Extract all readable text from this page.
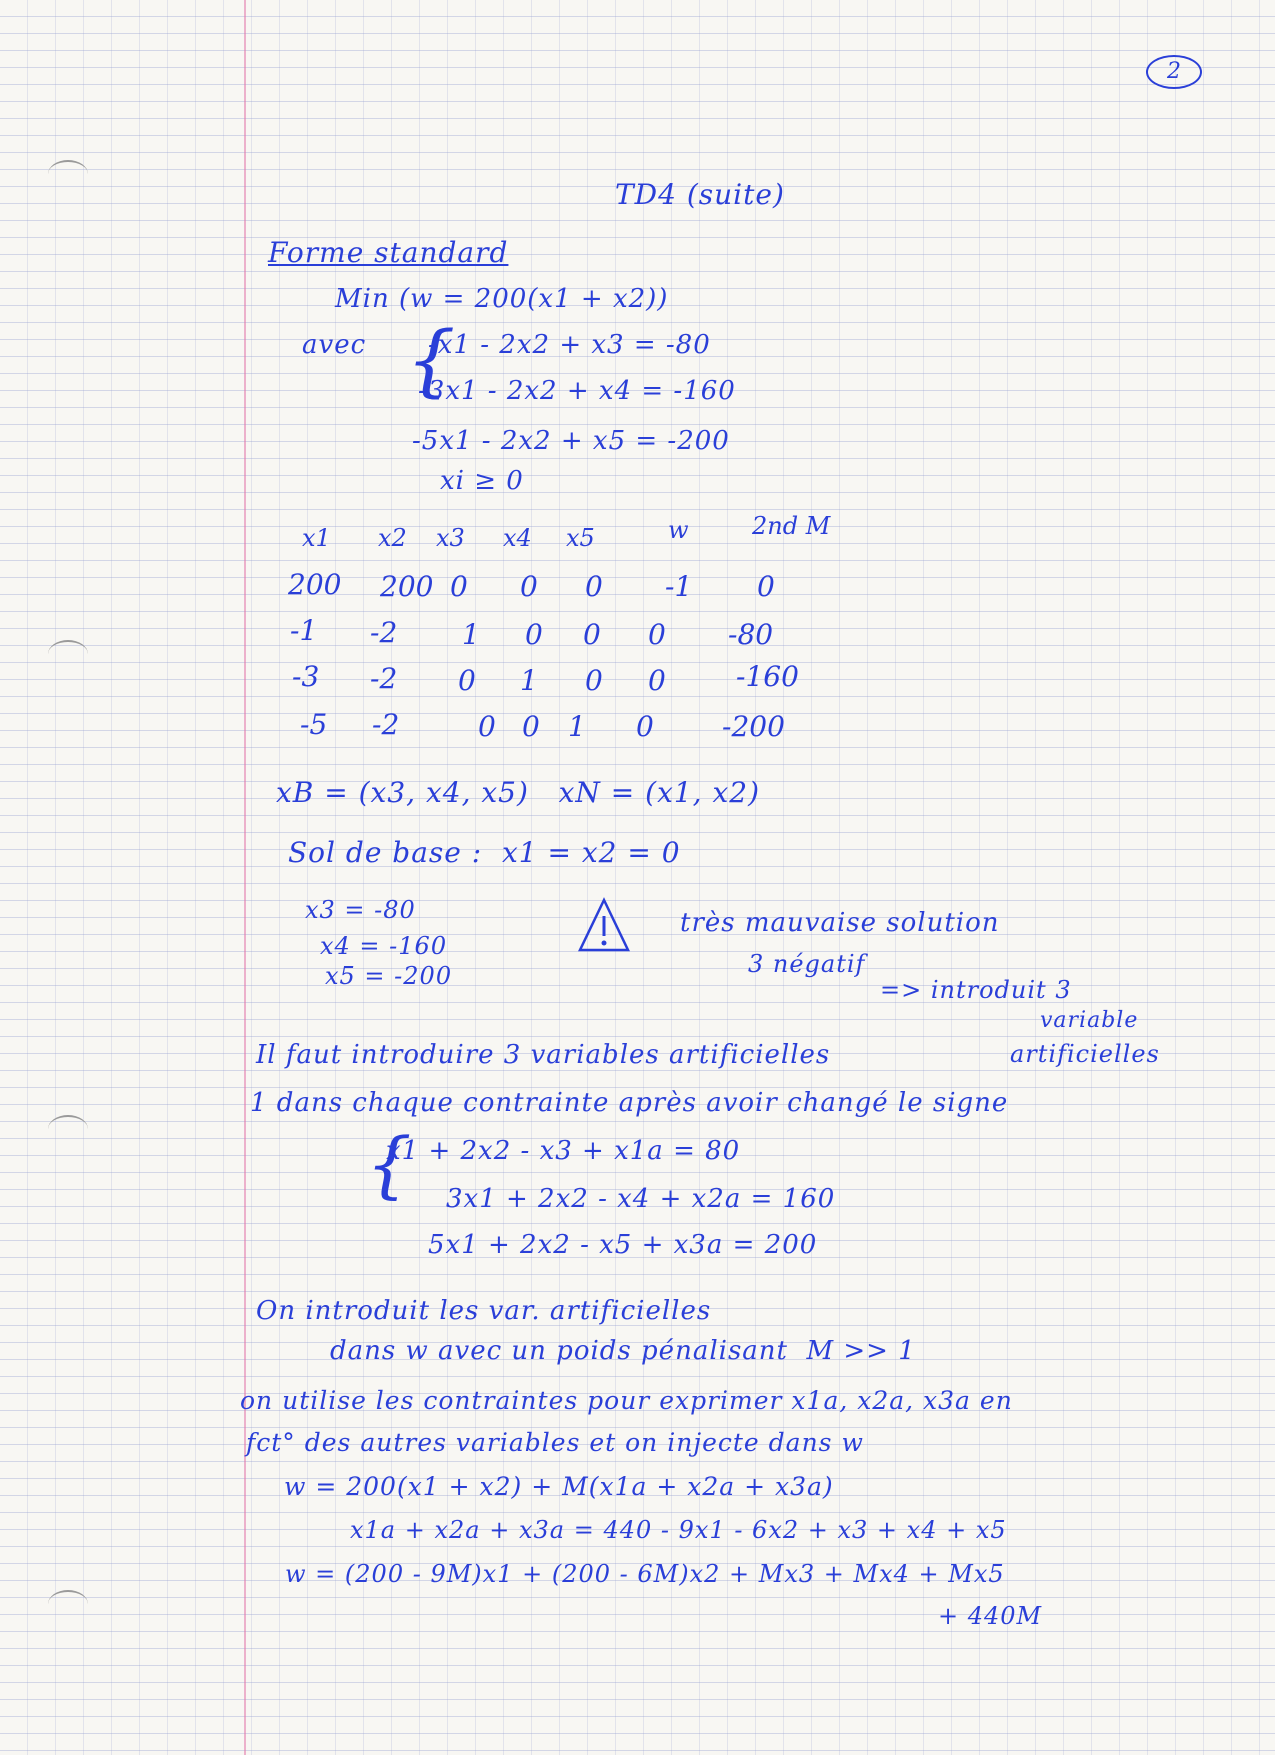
2
TD4 (suite)
Forme standard
Min (w = 200(x1 + x2))
avec {
-x1 - 2x2 + x3 = -80
-3x1 - 2x2 + x4 = -160
-5x1 - 2x2 + x5 = -200
xi ≥ 0
x1 x2 x3 x4 x5	w	2nd M
200 200 0 0 0 -1 0
-1 -2 1 0 0 0 -80
-3 -2 0 1 0 0	-160
-5 -2	0 0 1 0 -200
xB = (x3, x4, x5)   xN = (x1, x2)
Sol de base :  x1 = x2 = 0
x3 = -80
x4 = -160
x5 = -200
très mauvaise solution
3 négatif
=> introduit 3
variable
artificielles
Il faut introduire 3 variables artificielles
1 dans chaque contrainte après avoir changé le signe
{
x1 + 2x2 - x3 + x1a = 80
3x1 + 2x2 - x4 + x2a = 160
5x1 + 2x2 - x5 + x3a = 200
On introduit les var. artificielles
dans w avec un poids pénalisant  M >> 1
on utilise les contraintes pour exprimer x1a, x2a, x3a en
fct° des autres variables et on injecte dans w
w = 200(x1 + x2) + M(x1a + x2a + x3a)
x1a + x2a + x3a = 440 - 9x1 - 6x2 + x3 + x4 + x5
w = (200 - 9M)x1 + (200 - 6M)x2 + Mx3 + Mx4 + Mx5
+ 440M
